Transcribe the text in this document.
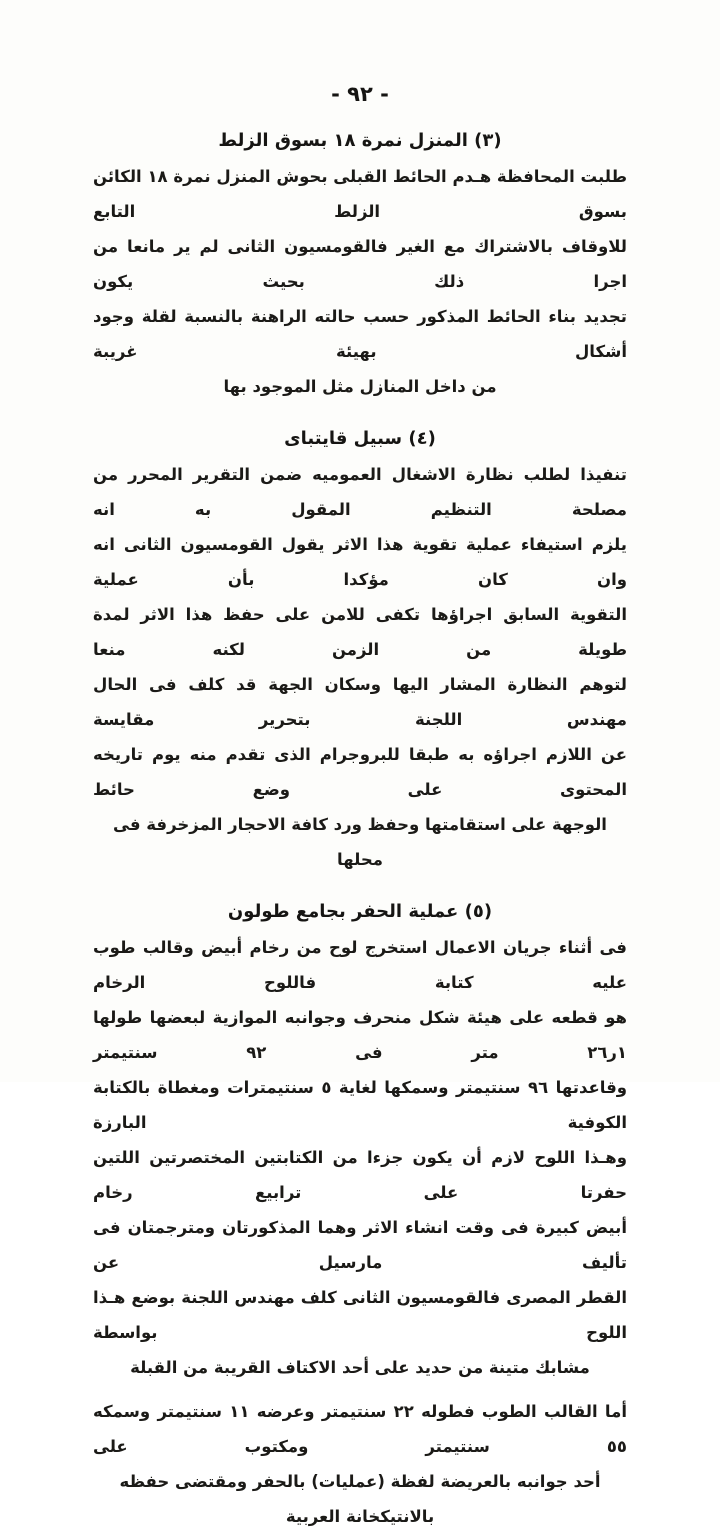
- ٩٢ -
(٣) المنزل نمرة ١٨ بسوق الزلط
طلبت المحافظة هـدم الحائط القبلى بحوش المنزل نمرة ١٨ الكائن بسوق الزلط التابع
للاوقاف بالاشتراك مع الغير فالقومسيون الثانى لم ير مانعا من اجرا ذلك بحيث يكون
تجديد بناء الحائط المذكور حسب حالته الراهنة بالنسبة لقلة وجود أشكال بهيئة غريبة
من داخل المنازل مثل الموجود بها
(٤) سبيل قايتباى
تنفيذا لطلب نظارة الاشغال العموميه ضمن التقرير المحرر من مصلحة التنظيم المقول به انه
يلزم استيفاء عملية تقوية هذا الاثر يقول القومسيون الثانى انه وان كان مؤكدا بأن عملية
التقوية السابق اجراؤها تكفى للامن على حفظ هذا الاثر لمدة طويلة من الزمن لكنه منعا
لتوهم النظارة المشار اليها وسكان الجهة قد كلف فى الحال مهندس اللجنة بتحرير مقايسة
عن اللازم اجراؤه به طبقا للبروجرام الذى تقدم منه يوم تاريخه المحتوى على وضع حائط
الوجهة على استقامتها وحفظ ورد كافة الاحجار المزخرفة فى محلها
(٥) عملية الحفر بجامع طولون
فى أثناء جريان الاعمال استخرج لوح من رخام أبيض وقالب طوب عليه كتابة فاللوح الرخام
هو قطعه على هيئة شكل منحرف وجوانبه الموازية لبعضها طولها ١ر٢٦ متر فى ٩٢ سنتيمتر
وقاعدتها ٩٦ سنتيمتر وسمكها لغاية ٥ سنتيمترات ومغطاة بالكتابة الكوفية البارزة
وهـذا اللوح لازم أن يكون جزءا من الكتابتين المختصرتين اللتين حفرتا على ترابيع رخام
أبيض كبيرة فى وقت انشاء الاثر وهما المذكورتان ومترجمتان فى تأليف مارسيل عن
القطر المصرى فالقومسيون الثانى كلف مهندس اللجنة بوضع هـذا اللوح بواسطة
مشابك متينة من حديد على أحد الاكتاف القريبة من القبلة
أما القالب الطوب فطوله ٢٢ سنتيمتر وعرضه ١١ سنتيمتر وسمكه ٥٥ سنتيمتر ومكتوب على
أحد جوانبه بالعريضة لفظة (عمليات) بالحفر ومقتضى حفظه بالانتيكخانة العربية
